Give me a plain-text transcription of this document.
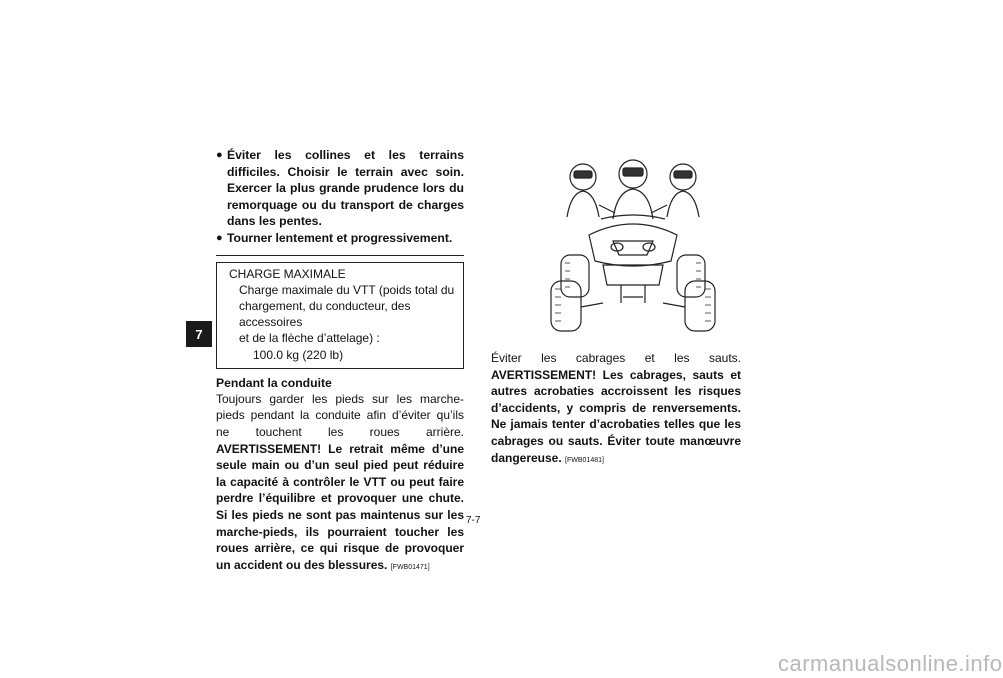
7
● Éviter les collines et les terrains difficiles. Choisir le terrain avec soin. Exercer la plus grande prudence lors du remorquage ou du transport de charges dans les pentes.
● Tourner lentement et progressivement.
CHARGE MAXIMALE
Charge maximale du VTT (poids total du
chargement, du conducteur, des accessoires
et de la flèche d’attelage) :
100.0 kg (220 lb)
Pendant la conduite
Toujours garder les pieds sur les marche-pieds pendant la conduite afin d’éviter qu’ils ne touchent les roues arrière. AVERTISSEMENT! Le retrait même d’une seule main ou d’un seul pied peut réduire la capacité à contrôler le VTT ou peut faire perdre l’équilibre et provoquer une chute. Si les pieds ne sont pas maintenus sur les marche-pieds, ils pourraient toucher les roues arrière, ce qui risque de provoquer un accident ou des blessures. [FWB01471]
Éviter les cabrages et les sauts. AVERTISSEMENT! Les cabrages, sauts et autres acrobaties accroissent les risques d’accidents, y compris de renversements. Ne jamais tenter d’acrobaties telles que les cabrages ou sauts. Éviter toute manœuvre dangereuse. [FWB01481]
7-7
carmanualsonline.info
